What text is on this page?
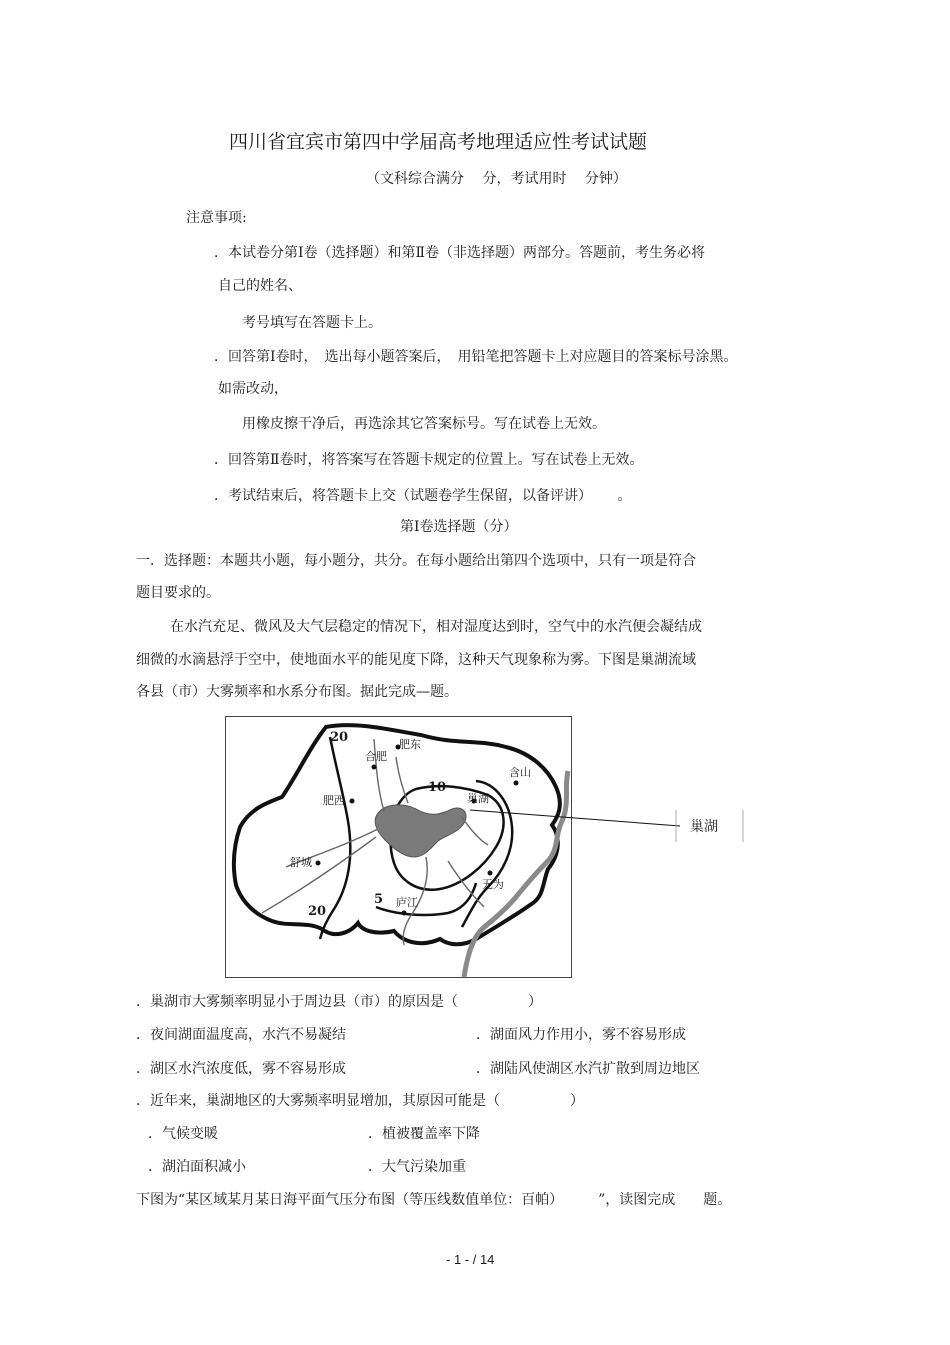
四川省宜宾市第四中学届高考地理适应性考试试题
（文科综合满分　 分，考试用时　 分钟）
注意事项:
．本试卷分第Ⅰ卷（选择题）和第Ⅱ卷（非选择题）两部分。答题前，考生务必将
自己的姓名、
考号填写在答题卡上。
．回答第Ⅰ卷时，　选出每小题答案后，　用铅笔把答题卡上对应题目的答案标号涂黑。
如需改动，
用橡皮擦干净后，再选涂其它答案标号。写在试卷上无效。
．回答第Ⅱ卷时，将答案写在答题卡规定的位置上。写在试卷上无效。
．考试结束后，将答题卡上交（试题卷学生保留，以备评讲）　　 。
第Ⅰ卷选择题（分）
一．选择题：本题共小题，每小题分，共分。在每小题给出第四个选项中，只有一项是符合
题目要求的。
在水汽充足、微风及大气层稳定的情况下，相对湿度达到时，空气中的水汽便会凝结成
细微的水滴悬浮于空中，使地面水平的能见度下降，这种天气现象称为雾。下图是巢湖流域
各县（市）大雾频率和水系分布图。据此完成—题。
合肥
肥东
肥西
含山
巢湖
舒城
庐江
无为
20
10
20
5
巢湖
．巢湖市大雾频率明显小于周边县（市）的原因是（　　　　　）
．夜间湖面温度高，水汽不易凝结	．湖面风力作用小，雾不容易形成
．湖区水汽浓度低，雾不容易形成	．湖陆风使湖区水汽扩散到周边地区
．近年来，巢湖地区的大雾频率明显增加，其原因可能是（　　　　　）
．气候变暖	．植被覆盖率下降
．湖泊面积减小	．大气污染加重
下图为“某区域某月某日海平面气压分布图（等压线数值单位：百帕）　　　”，读图完成　　题。
- 1 - / 14
